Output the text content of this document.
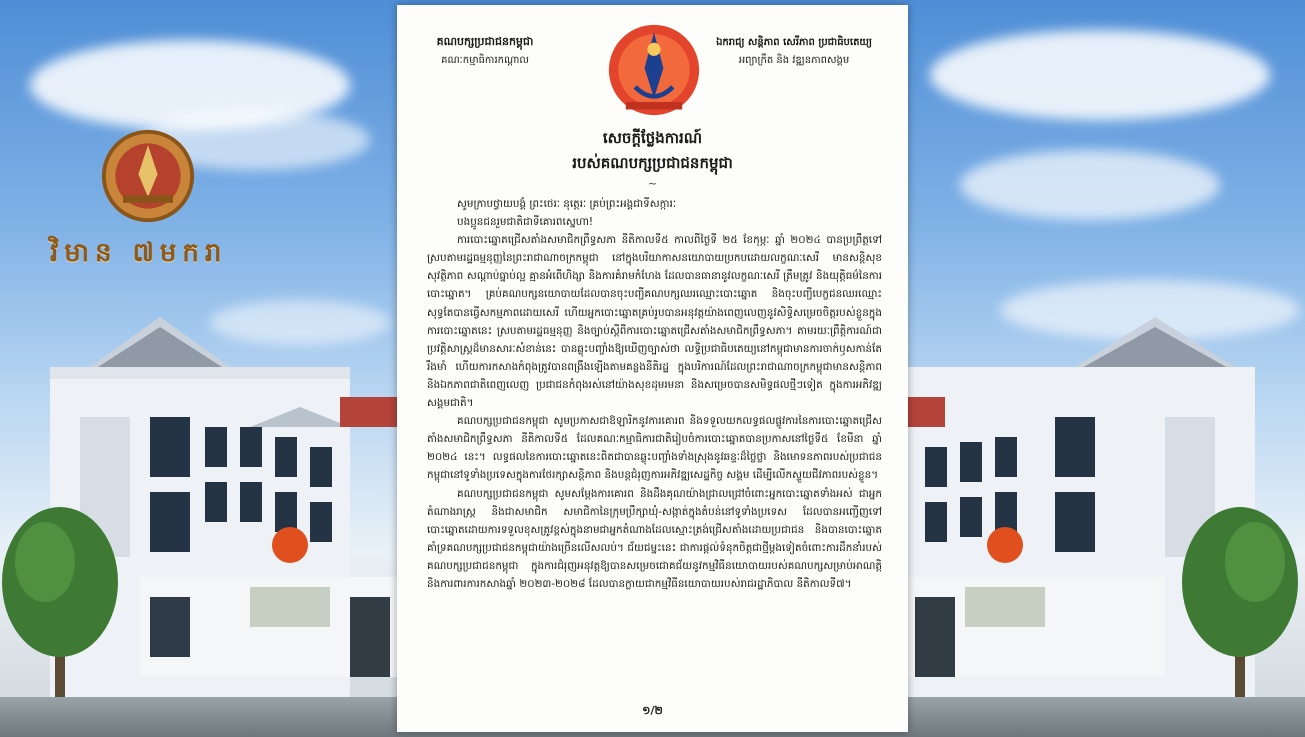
វិមាន ៧មករា
គណបក្សប្រជាជនកម្ពុជា
គណៈកម្មាធិការកណ្តាល
ឯករាជ្យ សន្តិភាព សេរីភាព ប្រជាធិបតេយ្យ
អព្យាក្រឹត និង វឌ្ឍនភាពសង្គម
សេចក្តីថ្លែងការណ៍
របស់គណបក្សប្រជាជនកម្ពុជា
~
សូមក្រាបថ្វាយបង្គំ ព្រះថេរៈ នុត្តេរៈ គ្រប់ព្រះអង្គជាទីសក្ការៈ
បងប្អូនជនរួមជាតិជាទីគោរពស្នេហា!

ការបោះឆ្នោតជ្រើសតាំងសមាជិកព្រឹទ្ធសភា នីតិកាលទី៥ កាលពីថ្ងៃទី ២៥ ខែកុម្ភៈ ឆ្នាំ ២០២៤ បានប្រព្រឹត្តទៅស្របតាមរដ្ឋធម្មនុញ្ញនៃព្រះរាជាណាចក្រកម្ពុជា នៅក្នុងបរិយាកាសនយោបាយប្រកបដោយលក្ខណៈសេរី មានសន្តិសុខ សុវត្ថិភាព សណ្តាប់ធ្នាប់ល្អ គ្មានអំពើហិង្សា និងការគំរាមកំហែង ដែលបានធានានូវលក្ខណៈសេរី ត្រឹមត្រូវ និងយុត្តិធម៌នៃការបោះឆ្នោត។ គ្រប់គណបក្សនយោបាយដែលបានចុះបញ្ជីគណបក្សឈរឈ្មោះបោះឆ្នោត និងចុះបញ្ជីបេក្ខជនឈរឈ្មោះ សុទ្ធតែបានធ្វើសកម្មភាពដោយសេរី ហើយអ្នកបោះឆ្នោតគ្រប់រូបបានអនុវត្តយ៉ាងពេញលេញនូវសិទ្ធិសម្រេចចិត្តរបស់ខ្លួនក្នុងការបោះឆ្នោតនេះ ស្របតាមរដ្ឋធម្មនុញ្ញ និងច្បាប់ស្តីពីការបោះឆ្នោតជ្រើសតាំងសមាជិកព្រឹទ្ធសភា។ តាមរយៈព្រឹត្តិការណ៍ជាប្រវត្តិសាស្ត្រដ៏មានសារៈសំខាន់នេះ បានឆ្លុះបញ្ចាំងឱ្យឃើញច្បាស់ថា លទ្ធិប្រជាធិបតេយ្យនៅកម្ពុជាមានការចាក់ឫសកាន់តែរឹងមាំ ហើយការកសាងកំពុងត្រូវបានពង្រឹងឡើងតាមគន្លងនីតិរដ្ឋ ក្នុងបរិការណ៍ដែលព្រះរាជាណាចក្រកម្ពុជាមានសន្តិភាព និងឯកភាពជាតិពេញលេញ ប្រជាជនកំពុងរស់នៅយ៉ាងសុខដុមរមនា និងសម្រេចបានសមិទ្ធផលថ្មីៗទៀត ក្នុងការអភិវឌ្ឍសង្គមជាតិ។

គណបក្សប្រជាជនកម្ពុជា សូមប្រកាសជាឱឡារិកនូវការគោរព និងទទួលយកលទ្ធផលផ្លូវការនៃការបោះឆ្នោតជ្រើសតាំងសមាជិកព្រឹទ្ធសភា នីតិកាលទី៥ ដែលគណៈកម្មាធិការជាតិរៀបចំការបោះឆ្នោតបានប្រកាសនៅថ្ងៃទី៥ ខែមីនា ឆ្នាំ ២០២៤ នេះ។ លទ្ធផលនៃការបោះឆ្នោតនេះពិតជាបានឆ្លុះបញ្ចាំងទាំងស្រុងនូវឆន្ទៈដ៏ថ្លៃថ្លា និងមោទនភាពរបស់ប្រជាជនកម្ពុជានៅទូទាំងប្រទេសក្នុងការថែរក្សាសន្តិភាព និងបន្តជំរុញការអភិវឌ្ឍសេដ្ឋកិច្ច សង្គម ដើម្បីលើកស្ទួយជីវភាពរបស់ខ្លួន។

គណបក្សប្រជាជនកម្ពុជា សូមសម្តែងការគោរព និងដឹងគុណយ៉ាងជ្រាលជ្រៅចំពោះអ្នកបោះឆ្នោតទាំងអស់ ជាអ្នកតំណាងរាស្ត្រ និងជាសមាជិក សមាជិកានៃក្រុមប្រឹក្សាឃុំ-សង្កាត់ក្នុងតំបន់នៅទូទាំងប្រទេស ដែលបានអញ្ជើញទៅបោះឆ្នោតដោយការទទួលខុសត្រូវខ្ពស់ក្នុងនាមជាអ្នកតំណាងដែលស្មោះត្រង់ជ្រើសតាំងដោយប្រជាជន និងបានបោះឆ្នោតគាំទ្រគណបក្សប្រជាជនកម្ពុជាយ៉ាងច្រើនលើសលប់។ ជ័យជម្នះនេះ ជាការផ្តល់ទំនុកចិត្តជាថ្មីម្តងទៀតចំពោះការដឹកនាំរបស់គណបក្សប្រជាជនកម្ពុជា ក្នុងការជំរុញអនុវត្តឱ្យបានសម្រេចជោគជ័យនូវកម្មវិធីនយោបាយរបស់គណបក្សសម្រាប់អាណត្តិ និងការពារការកសាងឆ្នាំ ២០២៣-២០២៨ ដែលបានក្លាយជាកម្មវិធីនយោបាយរបស់រាជរដ្ឋាភិបាល នីតិកាលទី៧។

១/២
